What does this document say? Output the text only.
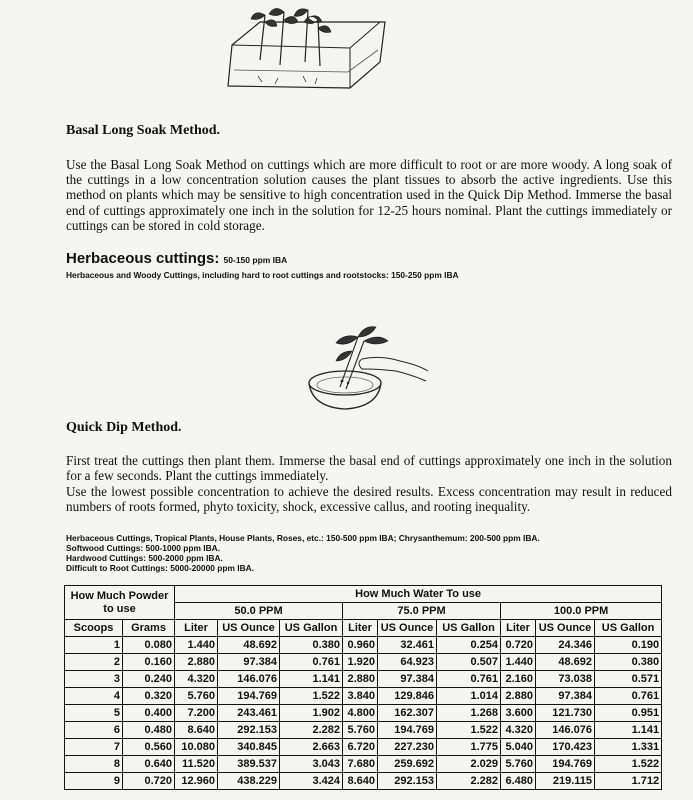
Basal Long Soak Method.

Use the Basal Long Soak Method on cuttings which are more difficult to root or are more woody. A long soak of the cuttings in a low concentration solution causes the plant tissues to absorb the active ingredients. Use this method on plants which may be sensitive to high concentration used in the Quick Dip Method. Immerse the basal end of cuttings approximately one inch in the solution for 12-25 hours nominal. Plant the cuttings immediately or cuttings can be stored in cold storage.

Herbaceous cuttings: 50-150 ppm IBA
Herbaceous and Woody Cuttings, including hard to root cuttings and rootstocks: 150-250 ppm IBA
Quick Dip Method.

First treat the cuttings then plant them. Immerse the basal end of cuttings approximately one inch in the solution for a few seconds. Plant the cuttings immediately.

Use the lowest possible concentration to achieve the desired results. Excess concentration may result in reduced numbers of roots formed, phyto toxicity, shock, excessive callus, and rooting inequality.

Herbaceous Cuttings, Tropical Plants, House Plants, Roses, etc.: 150-500 ppm IBA; Chrysanthemum: 200-500 ppm IBA.
Softwood Cuttings: 500-1000 ppm IBA.
Hardwood Cuttings: 500-2000 ppm IBA.
Difficult to Root Cuttings: 5000-20000 ppm IBA.
How Much Powder to use		How Much Water To use								
		50.0 PPM			75.0 PPM			100.0 PPM		
Scoops	Grams	Liter	US Ounce	US Gallon	Liter	US Ounce	US Gallon	Liter	US Ounce	US Gallon
1	0.080	1.440	48.692	0.380	0.960	32.461	0.254	0.720	24.346	0.190
2	0.160	2.880	97.384	0.761	1.920	64.923	0.507	1.440	48.692	0.380
3	0.240	4.320	146.076	1.141	2.880	97.384	0.761	2.160	73.038	0.571
4	0.320	5.760	194.769	1.522	3.840	129.846	1.014	2.880	97.384	0.761
5	0.400	7.200	243.461	1.902	4.800	162.307	1.268	3.600	121.730	0.951
6	0.480	8.640	292.153	2.282	5.760	194.769	1.522	4.320	146.076	1.141
7	0.560	10.080	340.845	2.663	6.720	227.230	1.775	5.040	170.423	1.331
8	0.640	11.520	389.537	3.043	7.680	259.692	2.029	5.760	194.769	1.522
9	0.720	12.960	438.229	3.424	8.640	292.153	2.282	6.480	219.115	1.712
